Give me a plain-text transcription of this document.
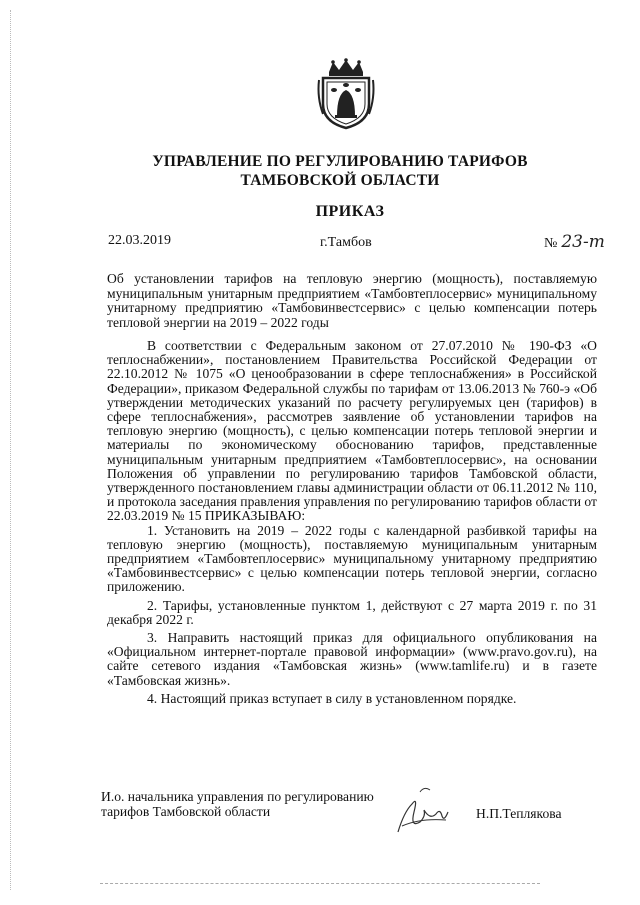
УПРАВЛЕНИЕ ПО РЕГУЛИРОВАНИЮ ТАРИФОВ
ТАМБОВСКОЙ ОБЛАСТИ
ПРИКАЗ
22.03.2019	г.Тамбов	№ 23-т
Об установлении тарифов на тепловую энергию (мощность), поставляемую муниципальным унитарным предприятием «Тамбовтеплосервис» муниципальному унитарному предприятию «Тамбовинвестсервис» с целью компенсации потерь тепловой энергии на 2019 – 2022 годы

В соответствии с Федеральным законом от 27.07.2010 № 190-ФЗ «О теплоснабжении», постановлением Правительства Российской Федерации от 22.10.2012 № 1075 «О ценообразовании в сфере теплоснабжения» в Российской Федерации», приказом Федеральной службы по тарифам от 13.06.2013 № 760-э «Об утверждении методических указаний по расчету регулируемых цен (тарифов) в сфере теплоснабжения», рассмотрев заявление об установлении тарифов на тепловую энергию (мощность), с целью компенсации потерь тепловой энергии и материалы по экономическому обоснованию тарифов, представленные муниципальным унитарным предприятием «Тамбовтеплосервис», на основании Положения об управлении по регулированию тарифов Тамбовской области, утвержденного постановлением главы администрации области от 06.11.2012 № 110, и протокола заседания правления управления по регулированию тарифов области от 22.03.2019 № 15 ПРИКАЗЫВАЮ:

1. Установить на 2019 – 2022 годы с календарной разбивкой тарифы на тепловую энергию (мощность), поставляемую муниципальным унитарным предприятием «Тамбовтеплосервис» муниципальному унитарному предприятию «Тамбовинвестсервис» с целью компенсации потерь тепловой энергии, согласно приложению.

2. Тарифы, установленные пунктом 1, действуют с 27 марта 2019 г. по 31 декабря 2022 г.

3. Направить настоящий приказ для официального опубликования на «Официальном интернет-портале правовой информации» (www.pravo.gov.ru), на сайте сетевого издания «Тамбовская жизнь» (www.tamlife.ru) и в газете «Тамбовская жизнь».

4. Настоящий приказ вступает в силу в установленном порядке.

И.о. начальника управления по регулированию
тарифов Тамбовской области	Н.П.Теплякова
